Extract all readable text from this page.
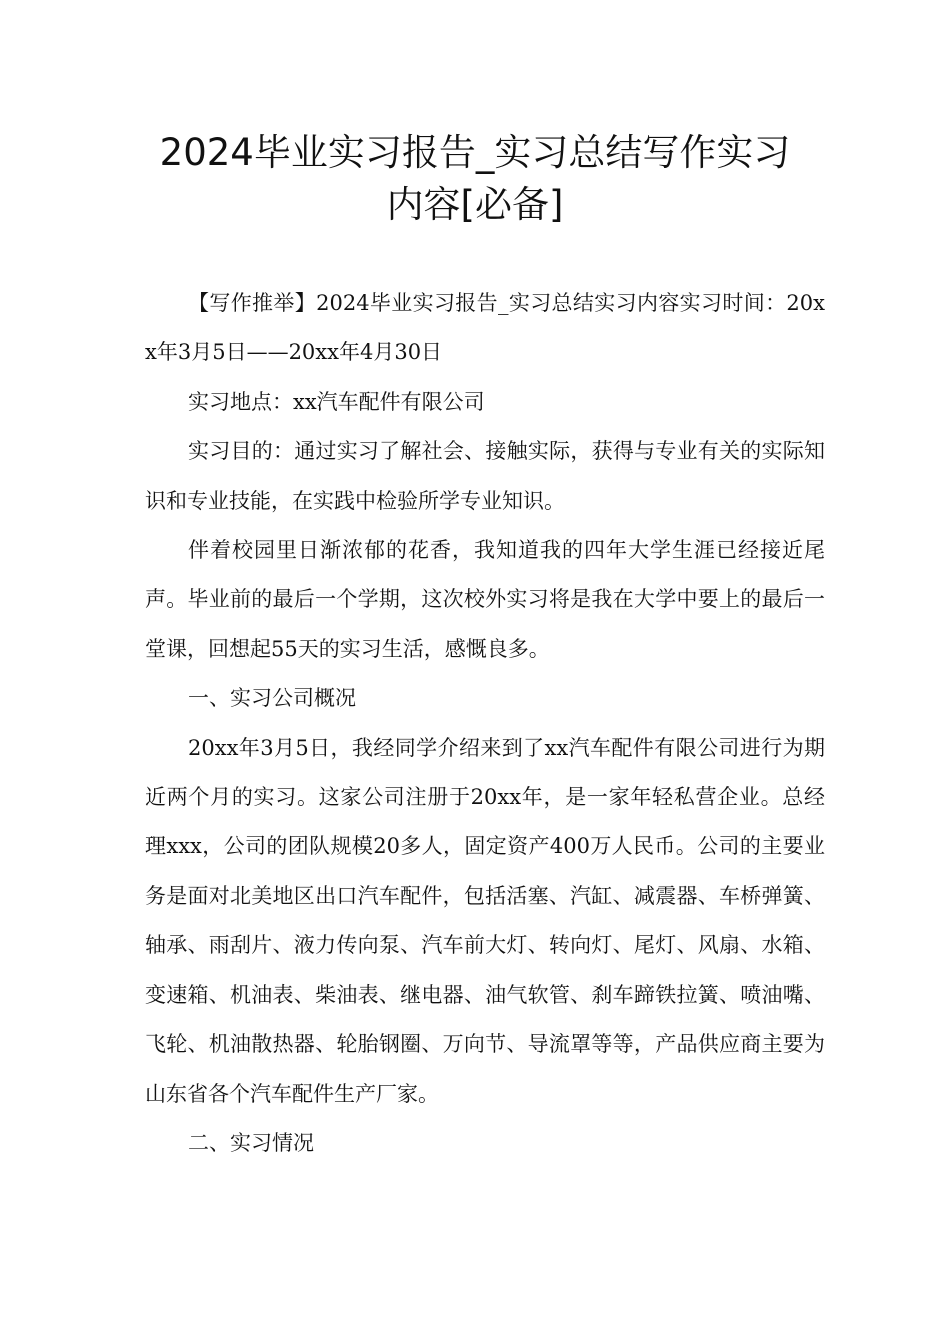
2024毕业实习报告_实习总结写作实习
内容[必备]

【写作推举】2024毕业实习报告_实习总结实习内容实习时间：20xx年3月5日——20xx年4月30日

实习地点：xx汽车配件有限公司

实习目的：通过实习了解社会、接触实际，获得与专业有关的实际知识和专业技能，在实践中检验所学专业知识。

伴着校园里日渐浓郁的花香，我知道我的四年大学生涯已经接近尾声。毕业前的最后一个学期，这次校外实习将是我在大学中要上的最后一堂课，回想起55天的实习生活，感慨良多。

一、实习公司概况

20xx年3月5日，我经同学介绍来到了xx汽车配件有限公司进行为期近两个月的实习。这家公司注册于20xx年，是一家年轻私营企业。总经理xxx，公司的团队规模20多人，固定资产400万人民币。公司的主要业务是面对北美地区出口汽车配件，包括活塞、汽缸、减震器、车桥弹簧、轴承、雨刮片、液力传向泵、汽车前大灯、转向灯、尾灯、风扇、水箱、变速箱、机油表、柴油表、继电器、油气软管、刹车蹄铁拉簧、喷油嘴、飞轮、机油散热器、轮胎钢圈、万向节、导流罩等等，产品供应商主要为山东省各个汽车配件生产厂家。

二、实习情况
